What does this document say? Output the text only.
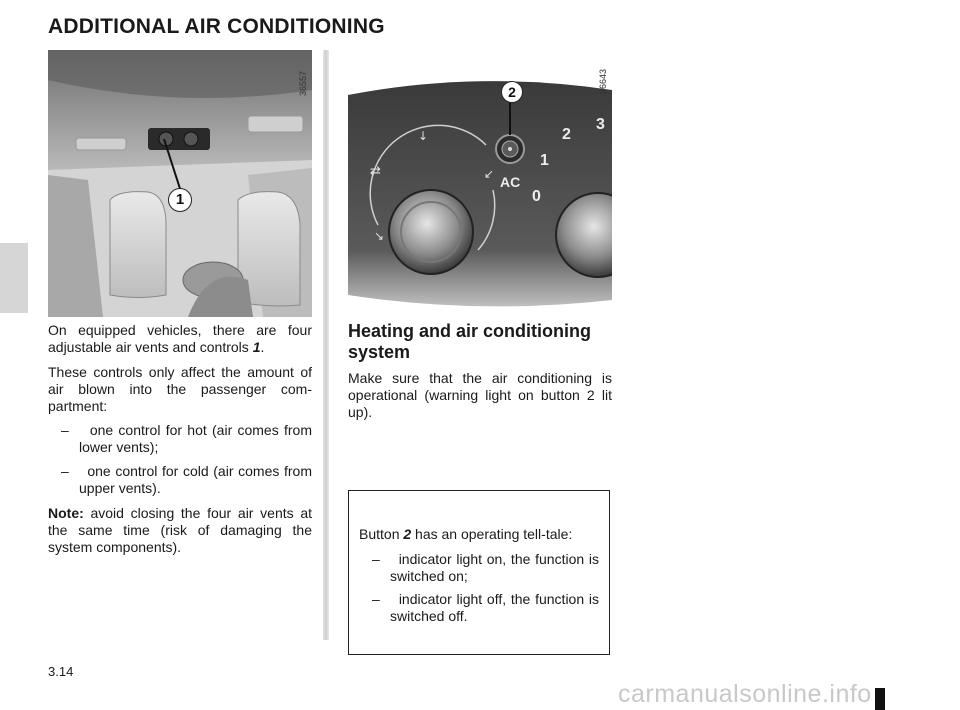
ADDITIONAL AIR CONDITIONING
36557
1
⇄
↓
↘
↙
36643
2
AC
0
1
2
3

On equipped vehicles, there are four adjustable air vents and controls 1.

These controls only affect the amount of air blown into the passenger com-partment:

–    one control for hot (air comes from lower vents);

–    one control for cold (air comes from upper vents).

Note: avoid closing the four air vents at the same time (risk of damaging the system components).

Heating and air conditioning system

Make sure that the air conditioning is operational (warning light on button 2 lit up).

Button 2 has an operating tell-tale:

–    indicator light on, the function is switched on;

–    indicator light off, the function is switched off.

3.14
carmanualsonline.info
